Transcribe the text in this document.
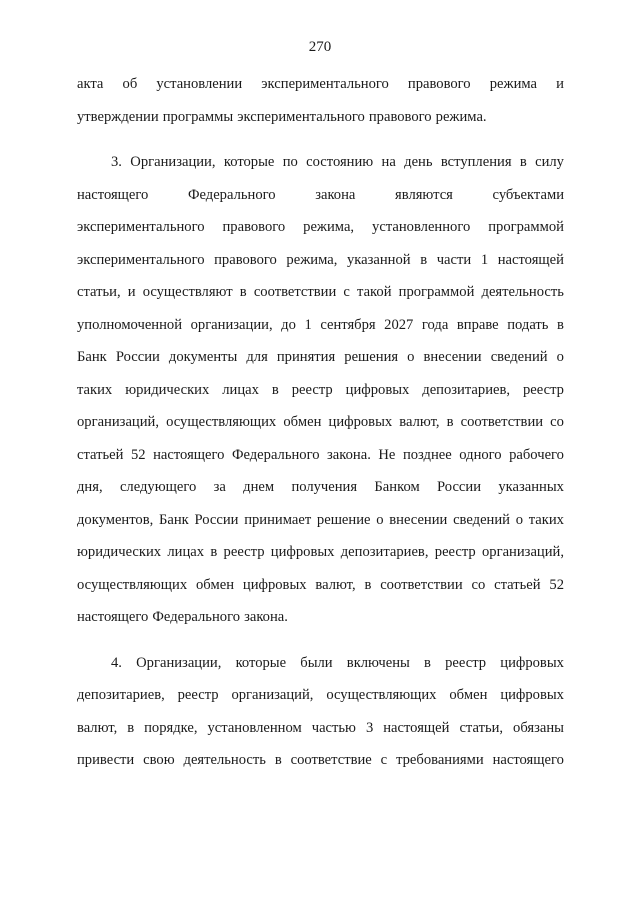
270
акта об установлении экспериментального правового режима и
утверждении программы экспериментального правового режима.
3. Организации, которые по состоянию на день вступления в силу
настоящего	Федерального	закона	являются	субъектами
экспериментального правового режима, установленного программой
экспериментального правового режима, указанной в части 1 настоящей
статьи, и осуществляют в соответствии с такой программой деятельность
уполномоченной организации, до 1 сентября 2027 года вправе подать в
Банк России документы для принятия решения о внесении сведений о
таких юридических лицах в реестр цифровых депозитариев, реестр
организаций, осуществляющих обмен цифровых валют, в соответствии со
статьей 52 настоящего Федерального закона. Не позднее одного рабочего
дня, следующего за днем получения Банком России указанных
документов, Банк России принимает решение о внесении сведений о таких
юридических лицах в реестр цифровых депозитариев, реестр организаций,
осуществляющих обмен цифровых валют, в соответствии со статьей 52
настоящего Федерального закона.
4. Организации, которые были включены в реестр цифровых
депозитариев, реестр организаций, осуществляющих обмен цифровых
валют, в порядке, установленном частью 3 настоящей статьи, обязаны
привести свою деятельность в соответствие с требованиями настоящего
